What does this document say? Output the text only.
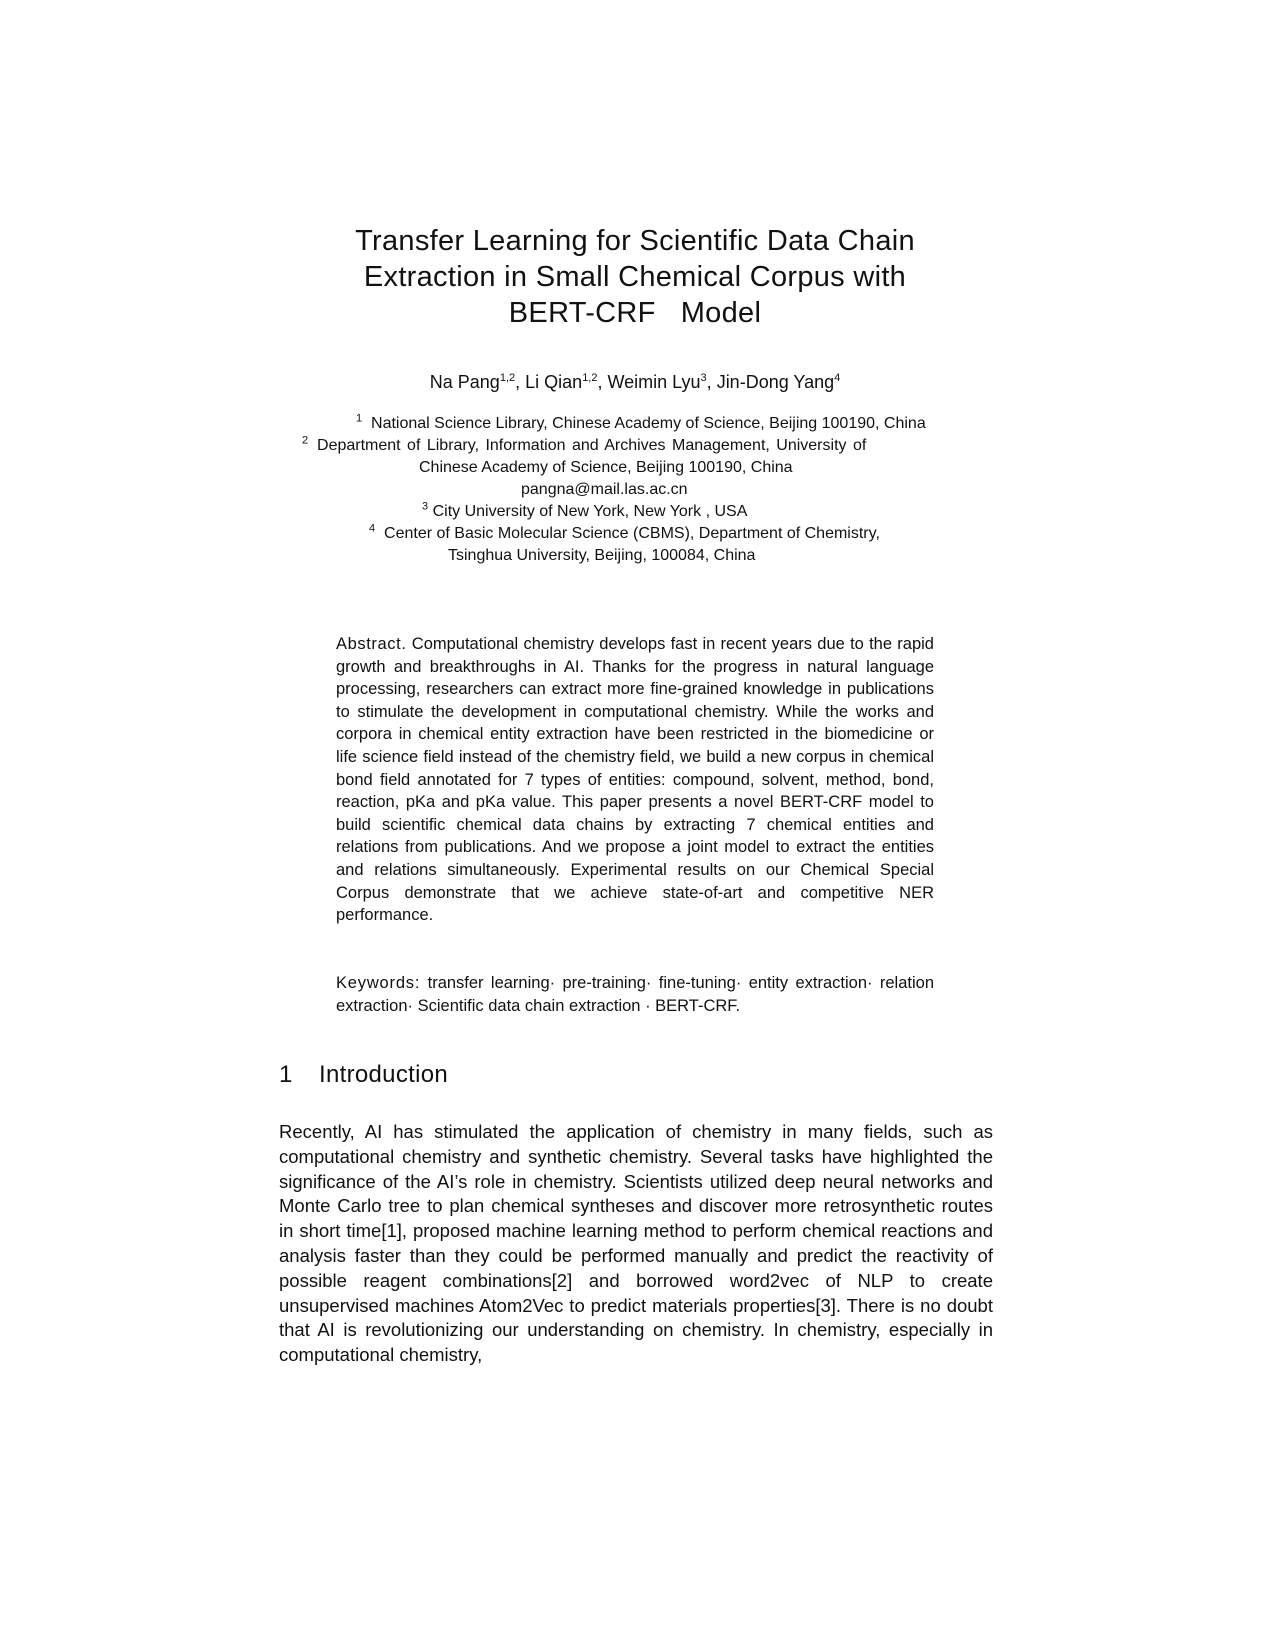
Transfer Learning for Scientific Data Chain
Extraction in Small Chemical Corpus with
BERT-CRF   Model
Na Pang$^{1,2}$, Li Qian$^{1,2}$, Weimin Lyu$^3$, Jin-Dong Yang$^4$
$^1$ National Science Library, Chinese Academy of Science, Beijing 100190, China
$^2$ Department of Library, Information and Archives Management, University of
Chinese Academy of Science, Beijing 100190, China
pangna@mail.las.ac.cn
$^3$ City University of New York, New York , USA
$^4$ Center of Basic Molecular Science (CBMS), Department of Chemistry,
Tsinghua University, Beijing, 100084, China
Abstract. Computational chemistry develops fast in recent years due to the rapid growth and breakthroughs in AI. Thanks for the progress in natural language processing, researchers can extract more fine-grained knowledge in publications to stimulate the development in computational chemistry. While the works and corpora in chemical entity extraction have been restricted in the biomedicine or life science field instead of the chemistry field, we build a new corpus in chemical bond field annotated for 7 types of entities: compound, solvent, method, bond, reaction, pKa and pKa value. This paper presents a novel BERT-CRF model to build scientific chemical data chains by extracting 7 chemical entities and relations from publications. And we propose a joint model to extract the entities and relations simultaneously. Experimental results on our Chemical Special Corpus demonstrate that we achieve state-of-art and competitive NER performance.
Keywords: transfer learning· pre-training· fine-tuning· entity extraction· relation extraction· Scientific data chain extraction · BERT-CRF.
1 Introduction
Recently, AI has stimulated the application of chemistry in many fields, such as computational chemistry and synthetic chemistry. Several tasks have highlighted the significance of the AI’s role in chemistry. Scientists utilized deep neural networks and Monte Carlo tree to plan chemical syntheses and discover more retrosynthetic routes in short time[1], proposed machine learning method to perform chemical reactions and analysis faster than they could be performed manually and predict the reactivity of possible reagent combinations[2] and borrowed word2vec of NLP to create unsupervised machines Atom2Vec to predict materials properties[3]. There is no doubt that AI is revolutionizing our understanding on chemistry. In chemistry, especially in computational chemistry,
